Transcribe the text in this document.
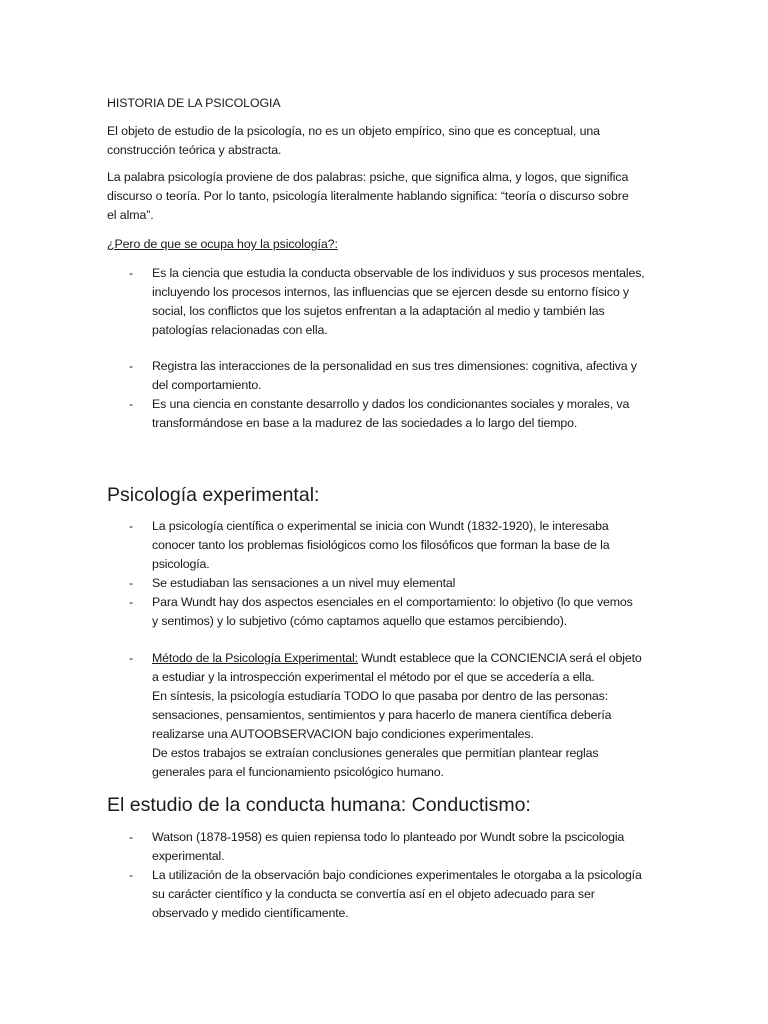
HISTORIA DE LA PSICOLOGIA

El objeto de estudio de la psicología, no es un objeto empírico, sino que es conceptual, una
construcción teórica y abstracta.

La palabra psicología proviene de dos palabras: psiche, que significa alma, y logos, que significa
discurso o teoría. Por lo tanto, psicología literalmente hablando significa: “teoría o discurso sobre
el alma”.

¿Pero de que se ocupa hoy la psicología?:

- Es la ciencia que estudia la conducta observable de los individuos y sus procesos mentales,
incluyendo los procesos internos, las influencias que se ejercen desde su entorno físico y
social, los conflictos que los sujetos enfrentan a la adaptación al medio y también las
patologías relacionadas con ella.

- Registra las interacciones de la personalidad en sus tres dimensiones: cognitiva, afectiva y
del comportamiento.

- Es una ciencia en constante desarrollo y dados los condicionantes sociales y morales, va
transformándose en base a la madurez de las sociedades a lo largo del tiempo.

Psicología experimental:
- La psicología científica o experimental se inicia con Wundt (1832-1920), le interesaba
conocer tanto los problemas fisiológicos como los filosóficos que forman la base de la
psicología.

- Se estudiaban las sensaciones a un nivel muy elemental

- Para Wundt hay dos aspectos esenciales en el comportamiento: lo objetivo (lo que vemos
y sentimos) y lo subjetivo (cómo captamos aquello que estamos percibiendo).

- Método de la Psicología Experimental: Wundt establece que la CONCIENCIA será el objeto
a estudiar y la introspección experimental el método por el que se accedería a ella.
En síntesis, la psicología estudiaría TODO lo que pasaba por dentro de las personas:
sensaciones, pensamientos, sentimientos y para hacerlo de manera científica debería
realizarse una AUTOOBSERVACION bajo condiciones experimentales.
De estos trabajos se extraían conclusiones generales que permitían plantear reglas
generales para el funcionamiento psicológico humano.

El estudio de la conducta humana: Conductismo:
- Watson (1878-1958) es quien repiensa todo lo planteado por Wundt sobre la pscicologia
experimental.

- La utilización de la observación bajo condiciones experimentales le otorgaba a la psicología
su carácter científico y la conducta se convertía así en el objeto adecuado para ser
observado y medido científicamente.
